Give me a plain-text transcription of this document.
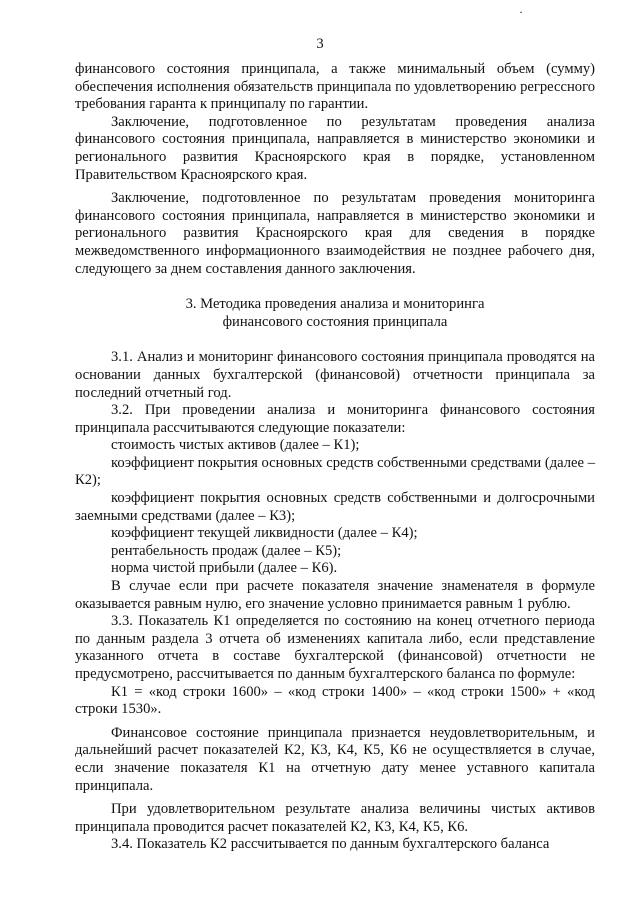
·
3

финансового состояния принципала, а также минимальный объем (сумму) обеспечения исполнения обязательств принципала по удовлетворению регрессного требования гаранта к принципалу по гарантии.

Заключение, подготовленное по результатам проведения анализа финансового состояния принципала, направляется в министерство экономики и регионального развития Красноярского края в порядке, установленном Правительством Красноярского края.

Заключение, подготовленное по результатам проведения мониторинга финансового состояния принципала, направляется в министерство экономики и регионального развития Красноярского края для сведения в порядке межведомственного информационного взаимодействия не позднее рабочего дня, следующего за днем составления данного заключения.

3. Методика проведения анализа и мониторинга
финансового состояния принципала

3.1. Анализ и мониторинг финансового состояния принципала проводятся на основании данных бухгалтерской (финансовой) отчетности принципала за последний отчетный год.

3.2. При проведении анализа и мониторинга финансового состояния принципала рассчитываются следующие показатели:

стоимость чистых активов (далее – К1);

коэффициент покрытия основных средств собственными средствами (далее – К2);

коэффициент покрытия основных средств собственными и долгосрочными заемными средствами (далее – К3);

коэффициент текущей ликвидности (далее – К4);

рентабельность продаж (далее – К5);

норма чистой прибыли (далее – К6).

В случае если при расчете показателя значение знаменателя в формуле оказывается равным нулю, его значение условно принимается равным 1 рублю.

3.3. Показатель К1 определяется по состоянию на конец отчетного периода по данным раздела 3 отчета об изменениях капитала либо, если представление указанного отчета в составе бухгалтерской (финансовой) отчетности не предусмотрено, рассчитывается по данным бухгалтерского баланса по формуле:

К1 = «код строки 1600» – «код строки 1400» – «код строки 1500» + «код строки 1530».

Финансовое состояние принципала признается неудовлетворительным, и дальнейший расчет показателей К2, К3, К4, К5, К6 не осуществляется в случае, если значение показателя К1 на отчетную дату менее уставного капитала принципала.

При удовлетворительном результате анализа величины чистых активов принципала проводится расчет показателей К2, К3, К4, К5, К6.

3.4. Показатель К2 рассчитывается по данным бухгалтерского баланса
